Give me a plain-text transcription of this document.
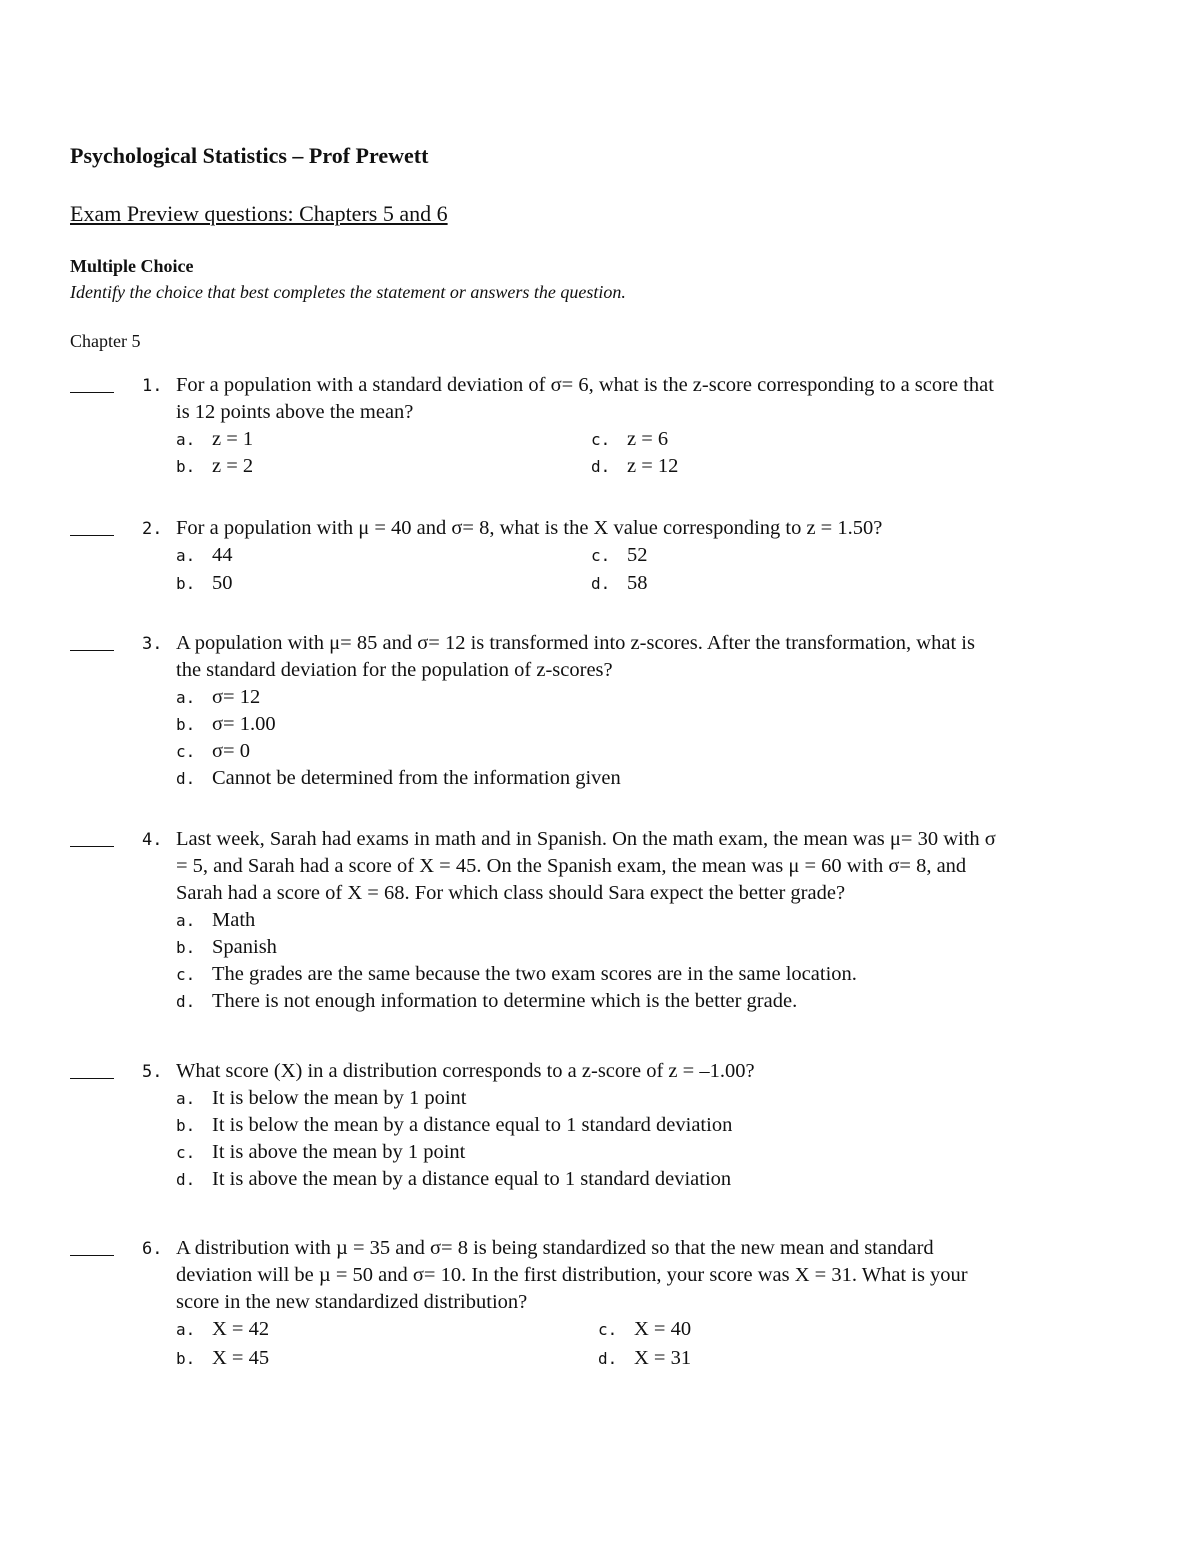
Psychological Statistics – Prof Prewett
Exam Preview questions: Chapters 5 and 6
Multiple Choice
Identify the choice that best completes the statement or answers the question.
Chapter 5
1. For a population with a standard deviation of σ= 6, what is the z-score corresponding to a score that
is 12 points above the mean?
a. z = 1
b. z = 2
c. z = 6
d. z = 12
2. For a population with μ = 40 and σ= 8, what is the X value corresponding to z = 1.50?
a. 44
b. 50
c. 52
d. 58
3. A population with μ= 85 and σ= 12 is transformed into z-scores. After the transformation, what is
the standard deviation for the population of z-scores?
a. σ= 12
b. σ= 1.00
c. σ= 0
d. Cannot be determined from the information given
4. Last week, Sarah had exams in math and in Spanish. On the math exam, the mean was μ= 30 with σ
= 5, and Sarah had a score of X = 45. On the Spanish exam, the mean was μ = 60 with σ= 8, and
Sarah had a score of X = 68. For which class should Sara expect the better grade?
a. Math
b. Spanish
c. The grades are the same because the two exam scores are in the same location.
d. There is not enough information to determine which is the better grade.
5. What score (X) in a distribution corresponds to a z-score of z = –1.00?
a. It is below the mean by 1 point
b. It is below the mean by a distance equal to 1 standard deviation
c. It is above the mean by 1 point
d. It is above the mean by a distance equal to 1 standard deviation
6. A distribution with µ = 35 and σ= 8 is being standardized so that the new mean and standard
deviation will be µ = 50 and σ= 10. In the first distribution, your score was X = 31. What is your
score in the new standardized distribution?
a. X = 42
b. X = 45
c. X = 40
d. X = 31
